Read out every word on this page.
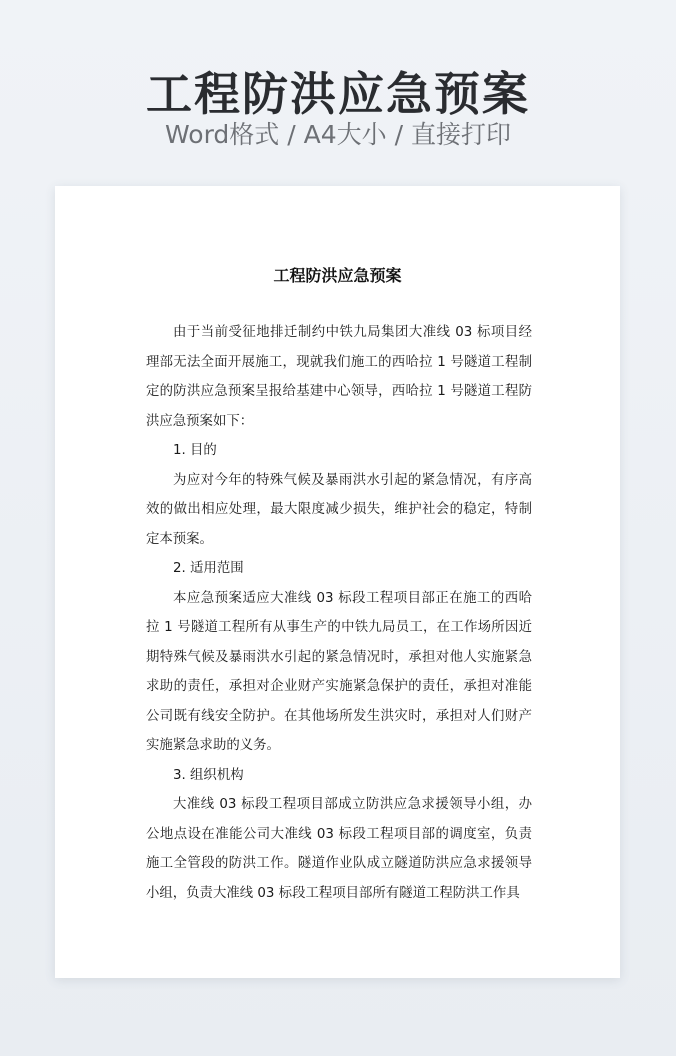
工程防洪应急预案
Word格式 / A4大小 / 直接打印
工程防洪应急预案

由于当前受征地排迁制约中铁九局集团大准线 03 标项目经理部无法全面开展施工，现就我们施工的西哈拉 1 号隧道工程制定的防洪应急预案呈报给基建中心领导，西哈拉 1 号隧道工程防洪应急预案如下：

1. 目的

为应对今年的特殊气候及暴雨洪水引起的紧急情况，有序高效的做出相应处理，最大限度减少损失，维护社会的稳定，特制定本预案。

2. 适用范围

本应急预案适应大准线 03 标段工程项目部正在施工的西哈拉 1 号隧道工程所有从事生产的中铁九局员工，在工作场所因近期特殊气候及暴雨洪水引起的紧急情况时，承担对他人实施紧急求助的责任，承担对企业财产实施紧急保护的责任，承担对准能公司既有线安全防护。在其他场所发生洪灾时，承担对人们财产实施紧急求助的义务。

3. 组织机构

大准线 03 标段工程项目部成立防洪应急求援领导小组，办公地点设在准能公司大准线 03 标段工程项目部的调度室，负责施工全管段的防洪工作。隧道作业队成立隧道防洪应急求援领导小组，负责大准线 03 标段工程项目部所有隧道工程防洪工作具
